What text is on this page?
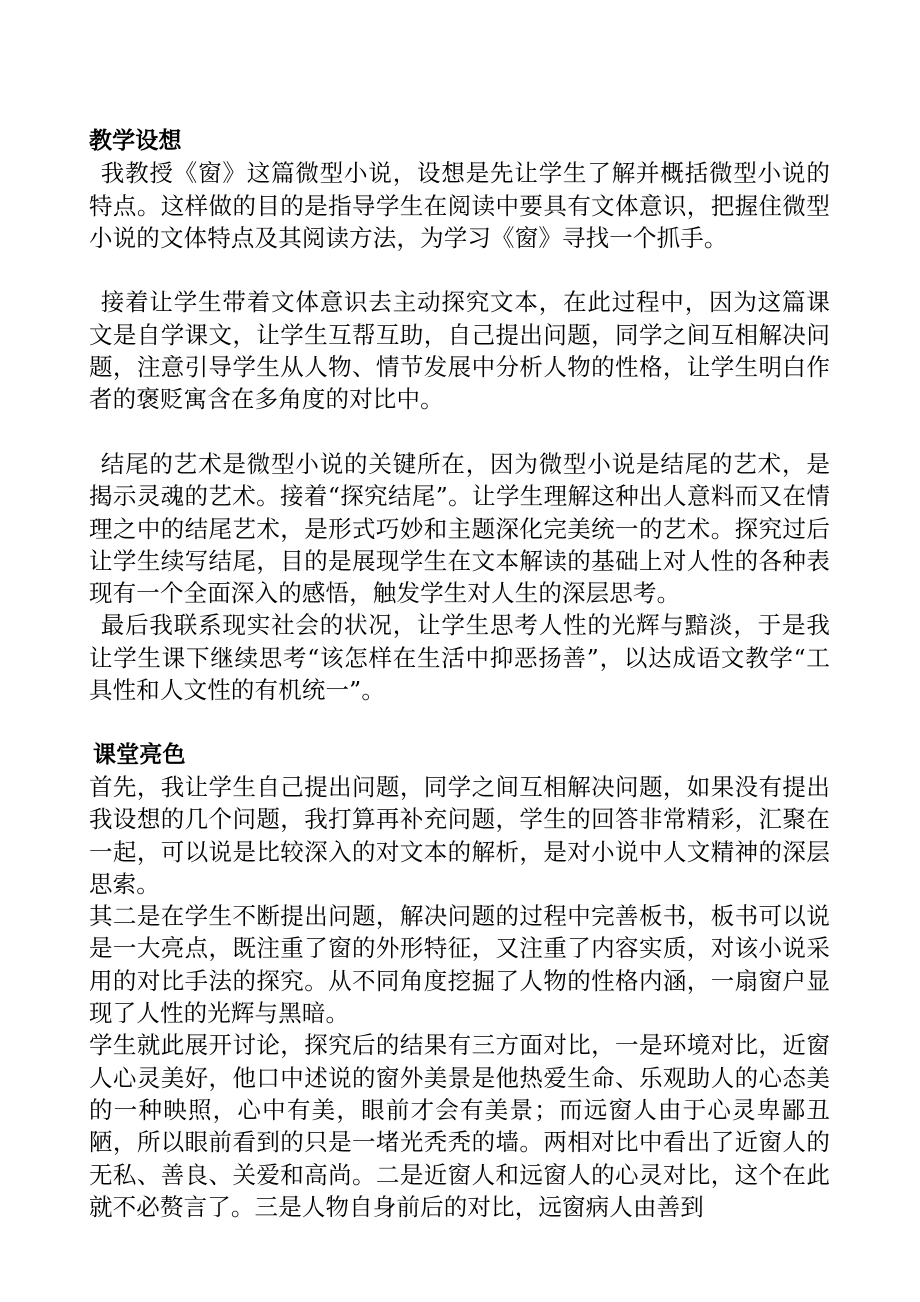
教学设想

我教授《窗》这篇微型小说，设想是先让学生了解并概括微型小说的特点。这样做的目的是指导学生在阅读中要具有文体意识，把握住微型小说的文体特点及其阅读方法，为学习《窗》寻找一个抓手。

接着让学生带着文体意识去主动探究文本，在此过程中，因为这篇课文是自学课文，让学生互帮互助，自己提出问题，同学之间互相解决问题，注意引导学生从人物、情节发展中分析人物的性格，让学生明白作者的褒贬寓含在多角度的对比中。

结尾的艺术是微型小说的关键所在，因为微型小说是结尾的艺术，是揭示灵魂的艺术。接着“探究结尾”。让学生理解这种出人意料而又在情理之中的结尾艺术，是形式巧妙和主题深化完美统一的艺术。探究过后让学生续写结尾，目的是展现学生在文本解读的基础上对人性的各种表现有一个全面深入的感悟，触发学生对人生的深层思考。

最后我联系现实社会的状况，让学生思考人性的光辉与黯淡，于是我让学生课下继续思考“该怎样在生活中抑恶扬善”，以达成语文教学“工具性和人文性的有机统一”。

课堂亮色

首先，我让学生自己提出问题，同学之间互相解决问题，如果没有提出我设想的几个问题，我打算再补充问题，学生的回答非常精彩，汇聚在一起，可以说是比较深入的对文本的解析，是对小说中人文精神的深层思索。

其二是在学生不断提出问题，解决问题的过程中完善板书，板书可以说是一大亮点，既注重了窗的外形特征，又注重了内容实质，对该小说采用的对比手法的探究。从不同角度挖掘了人物的性格内涵，一扇窗户显现了人性的光辉与黑暗。

学生就此展开讨论，探究后的结果有三方面对比，一是环境对比，近窗人心灵美好，他口中述说的窗外美景是他热爱生命、乐观助人的心态美的一种映照，心中有美，眼前才会有美景；而远窗人由于心灵卑鄙丑陋，所以眼前看到的只是一堵光秃秃的墙。两相对比中看出了近窗人的无私、善良、关爱和高尚。二是近窗人和远窗人的心灵对比，这个在此就不必赘言了。三是人物自身前后的对比，远窗病人由善到
